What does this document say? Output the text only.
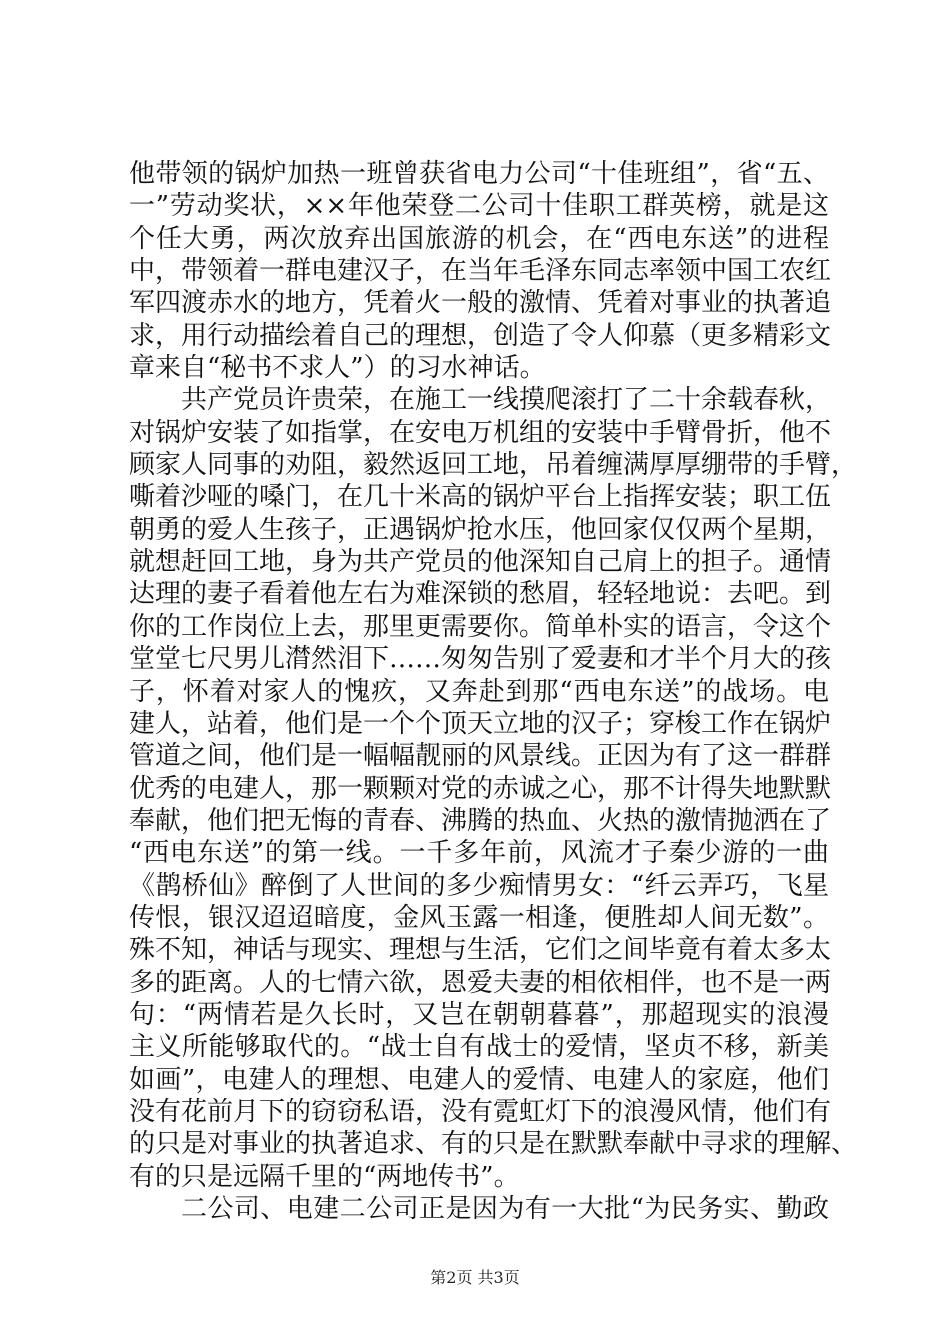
他带领的锅炉加热一班曾获省电力公司“十佳班组”，省“五、
一”劳动奖状，××年他荣登二公司十佳职工群英榜，就是这
个任大勇，两次放弃出国旅游的机会，在“西电东送”的进程
中，带领着一群电建汉子，在当年毛泽东同志率领中国工农红
军四渡赤水的地方，凭着火一般的激情、凭着对事业的执著追
求，用行动描绘着自己的理想，创造了令人仰慕（更多精彩文
章来自“秘书不求人”）的习水神话。
共产党员许贵荣，在施工一线摸爬滚打了二十余载春秋，
对锅炉安装了如指掌，在安电万机组的安装中手臂骨折，他不
顾家人同事的劝阻，毅然返回工地，吊着缠满厚厚绷带的手臂，
嘶着沙哑的嗓门，在几十米高的锅炉平台上指挥安装；职工伍
朝勇的爱人生孩子，正遇锅炉抢水压，他回家仅仅两个星期，
就想赶回工地，身为共产党员的他深知自己肩上的担子。通情
达理的妻子看着他左右为难深锁的愁眉，轻轻地说：去吧。到
你的工作岗位上去，那里更需要你。简单朴实的语言，令这个
堂堂七尺男儿潸然泪下……匆匆告别了爱妻和才半个月大的孩
子，怀着对家人的愧疚，又奔赴到那“西电东送”的战场。电
建人，站着，他们是一个个顶天立地的汉子；穿梭工作在锅炉
管道之间，他们是一幅幅靓丽的风景线。正因为有了这一群群
优秀的电建人，那一颗颗对党的赤诚之心，那不计得失地默默
奉献，他们把无悔的青春、沸腾的热血、火热的激情抛洒在了
“西电东送”的第一线。一千多年前，风流才子秦少游的一曲
《鹊桥仙》醉倒了人世间的多少痴情男女：“纤云弄巧，飞星
传恨，银汉迢迢暗度，金风玉露一相逢，便胜却人间无数”。
殊不知，神话与现实、理想与生活，它们之间毕竟有着太多太
多的距离。人的七情六欲，恩爱夫妻的相依相伴，也不是一两
句：“两情若是久长时，又岂在朝朝暮暮”，那超现实的浪漫
主义所能够取代的。“战士自有战士的爱情，坚贞不移，新美
如画”，电建人的理想、电建人的爱情、电建人的家庭，他们
没有花前月下的窃窃私语，没有霓虹灯下的浪漫风情，他们有
的只是对事业的执著追求、有的只是在默默奉献中寻求的理解、
有的只是远隔千里的“两地传书”。
二公司、电建二公司正是因为有一大批“为民务实、勤政
第2页 共3页
